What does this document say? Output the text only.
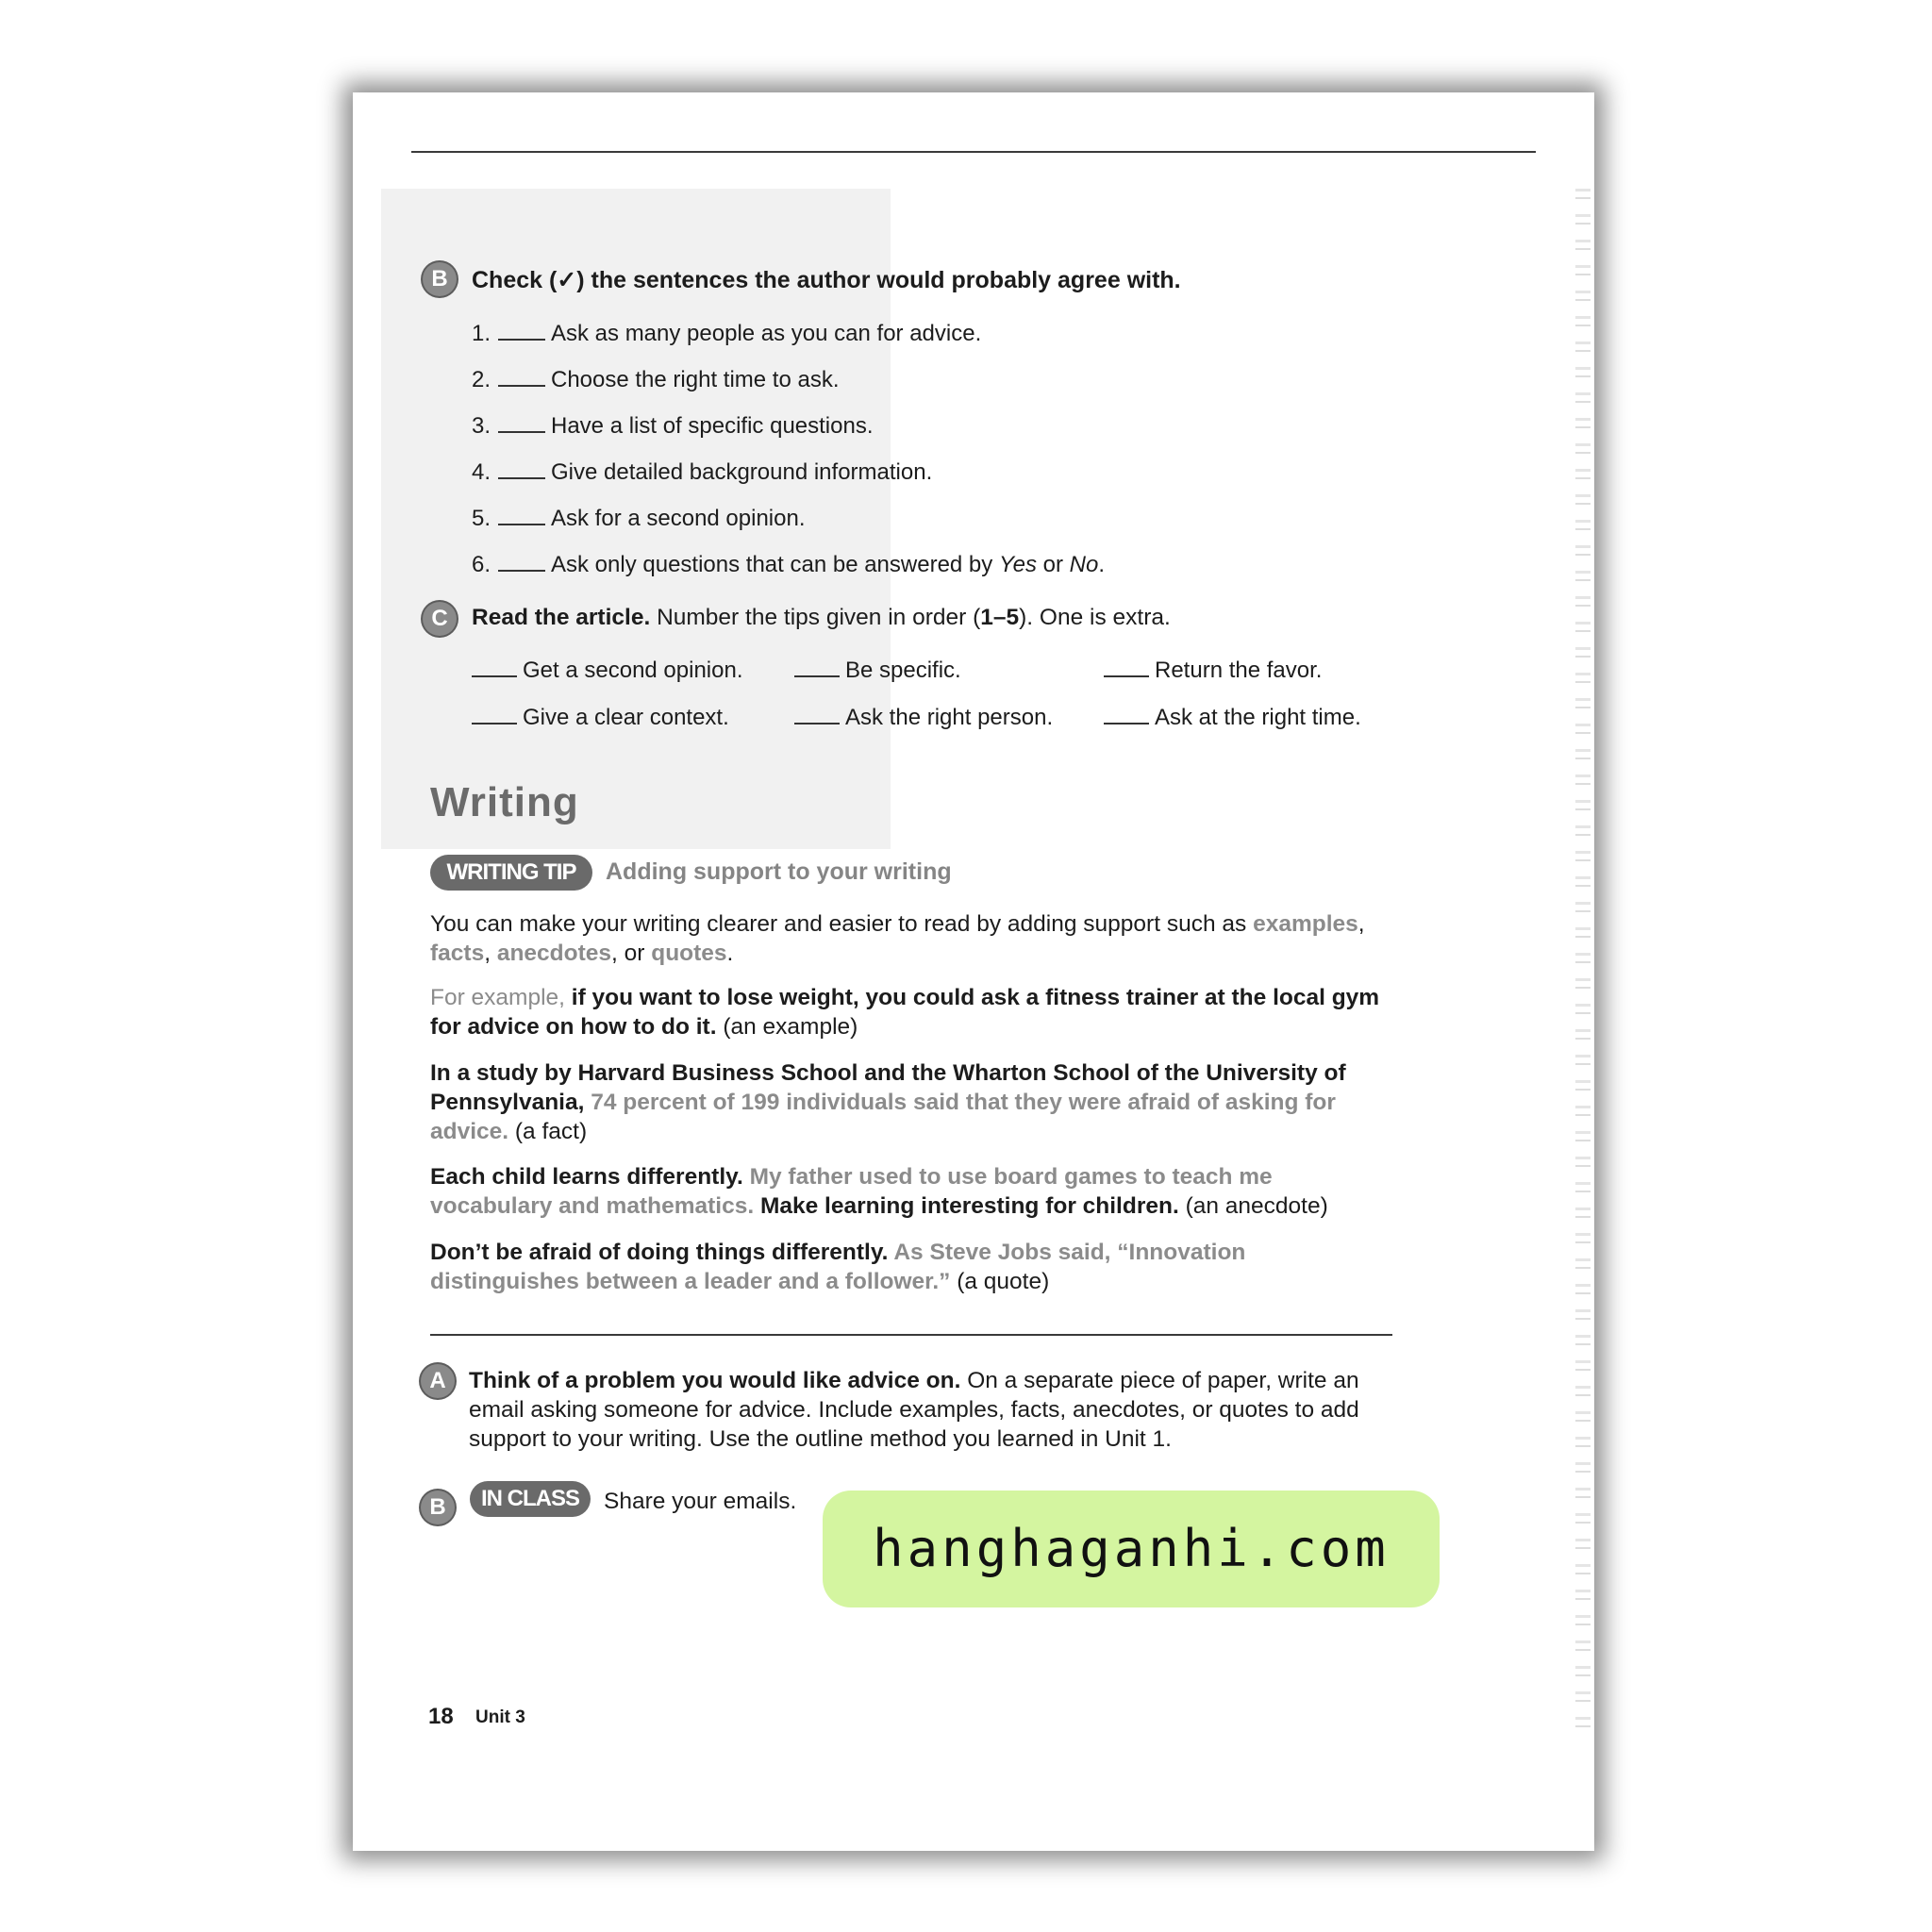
B	Check (✓) the sentences the author would probably agree with.
1.	Ask as many people as you can for advice.
2.	Choose the right time to ask.
3.	Have a list of specific questions.
4.	Give detailed background information.
5.	Ask for a second opinion.
6.	Ask only questions that can be answered by Yes or No.
C	Read the article. Number the tips given in order (1–5). One is extra.
Get a second opinion.	Be specific.	Return the favor.
Give a clear context.	Ask the right person.	Ask at the right time.
Writing
WRITING TIP	Adding support to your writing
You can make your writing clearer and easier to read by adding support such as examples,
facts, anecdotes, or quotes.
For example, if you want to lose weight, you could ask a fitness trainer at the local gym for advice on how to do it. (an example)
In a study by Harvard Business School and the Wharton School of the University of Pennsylvania, 74 percent of 199 individuals said that they were afraid of asking for advice. (a fact)
Each child learns differently. My father used to use board games to teach me vocabulary and mathematics. Make learning interesting for children. (an anecdote)
Don’t be afraid of doing things differently. As Steve Jobs said, “Innovation distinguishes between a leader and a follower.” (a quote)
A Think of a problem you would like advice on. On a separate piece of paper, write an email asking someone for advice. Include examples, facts, anecdotes, or quotes to add support to your writing. Use the outline method you learned in Unit 1.
B	IN CLASS	Share your emails.
hanghaganhi.com
18 Unit 3
